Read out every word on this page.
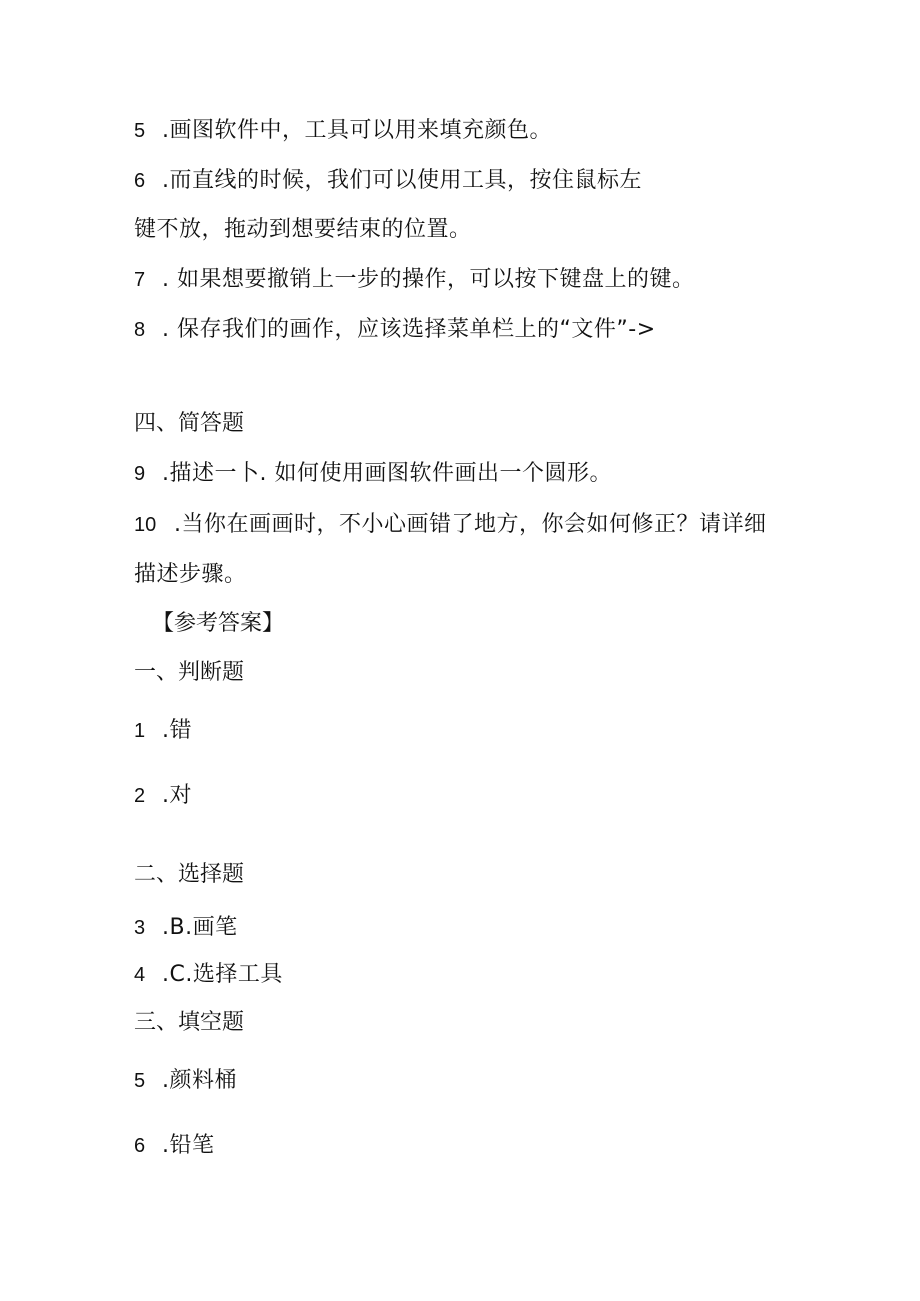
5 .画图软件中，工具可以用来填充颜色。
6 .而直线的时候，我们可以使用工具，按住鼠标左
键不放，拖动到想要结束的位置。
7 . 如果想要撤销上一步的操作，可以按下键盘上的键。
8 . 保存我们的画作，应该选择菜单栏上的“文件”->
四、简答题
9 .描述一卜. 如何使用画图软件画出一个圆形。
10 .当你在画画时，不小心画错了地方，你会如何修正？请详细
描述步骤。
【参考答案】
一、判断题
1 .错
2 .对
二、选择题
3 .B.画笔
4 .C.选择工具
三、填空题
5 .颜料桶
6 .铅笔
